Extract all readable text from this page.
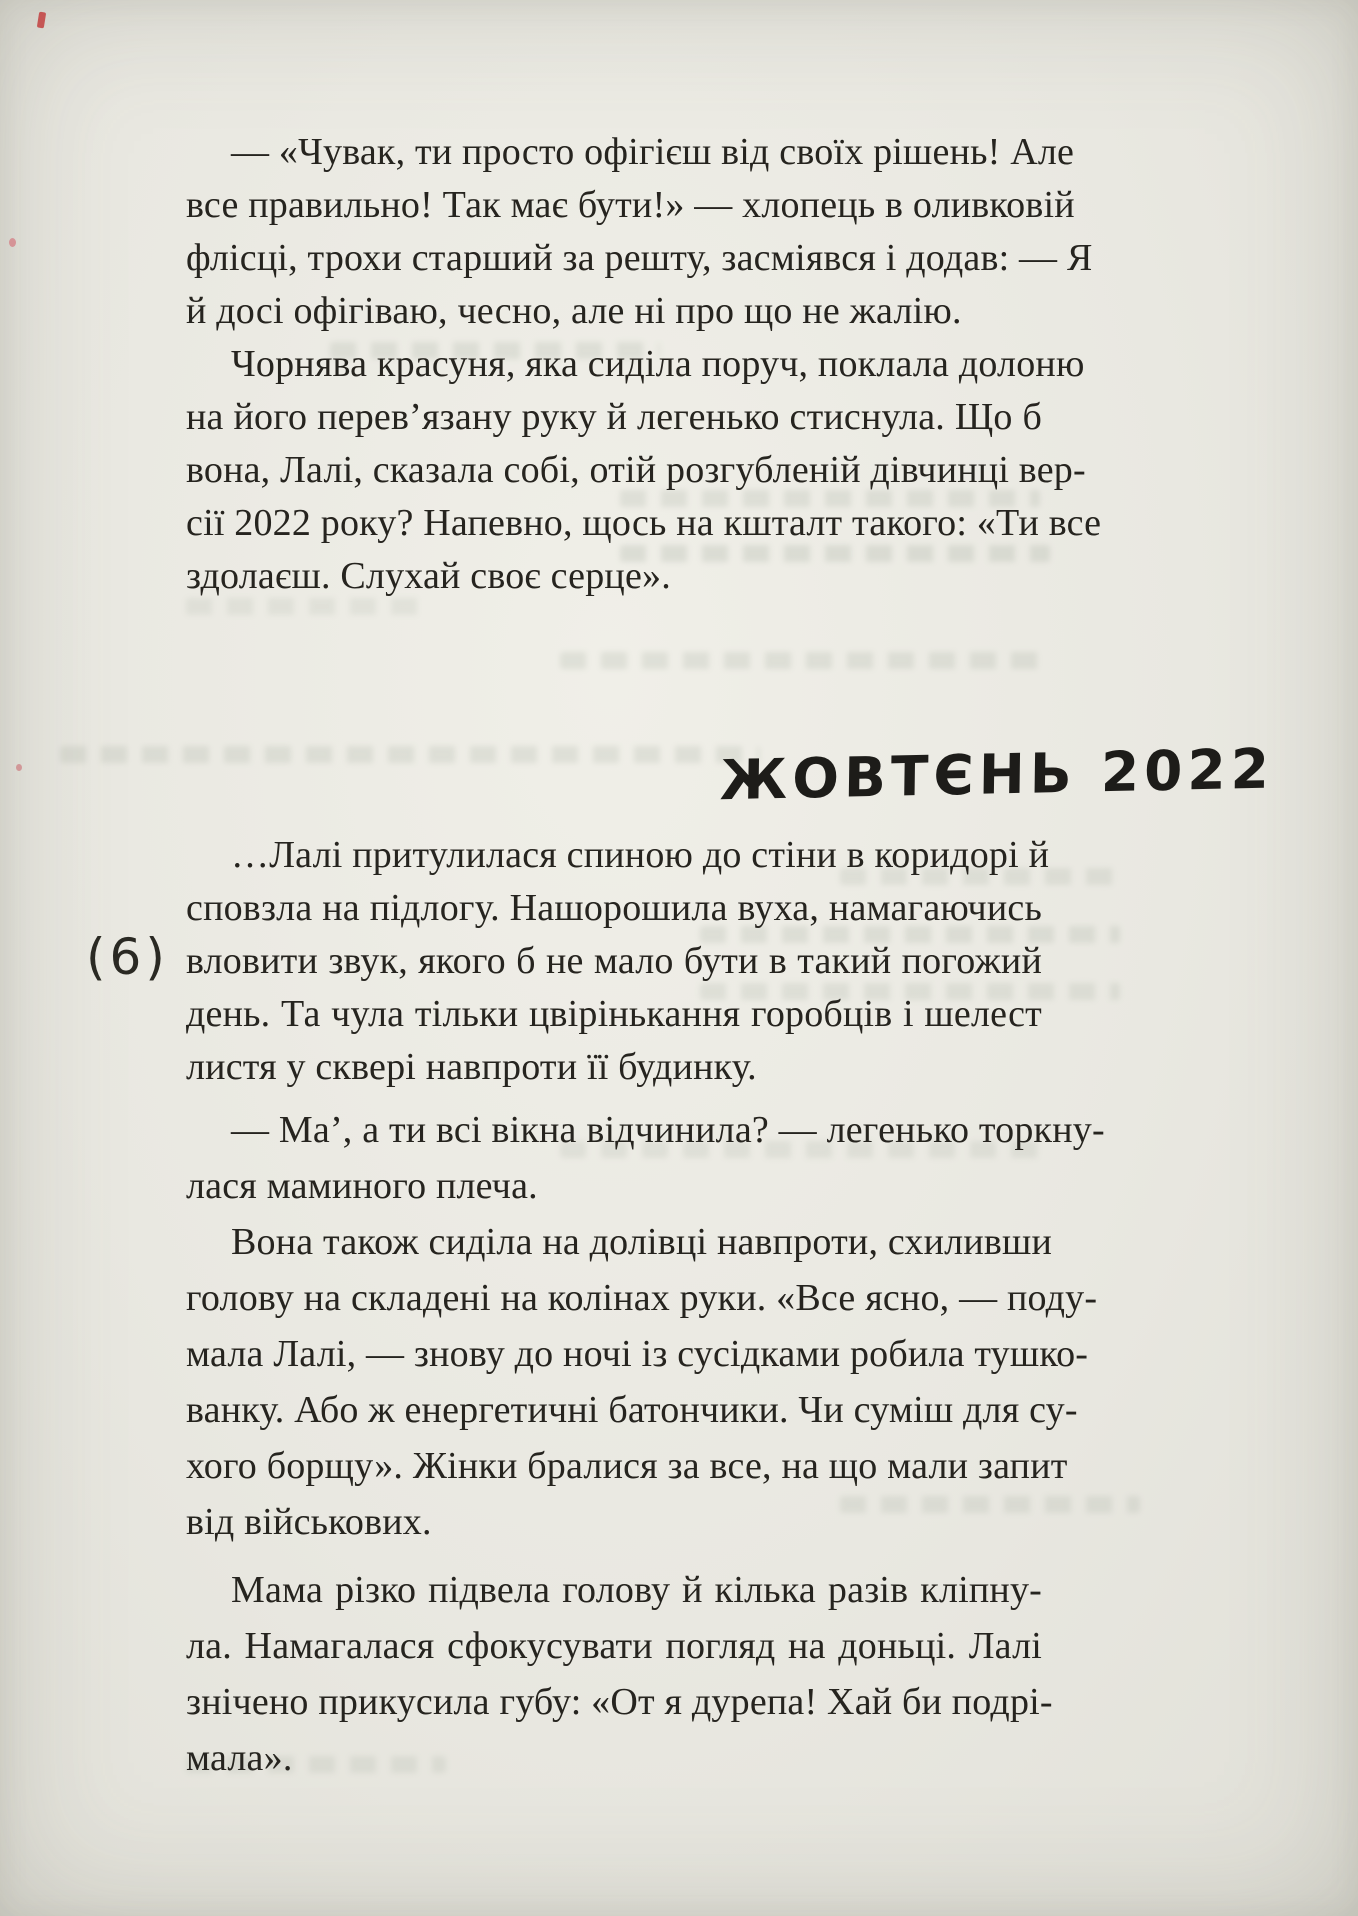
(6)
— «Чувак, ти просто офігієш від своїх рішень! Але
все правильно! Так має бути!» — хлопець в оливковій
флісці, трохи старший за решту, засміявся і додав: — Я
й досі офігіваю, чесно, але ні про що не жалію.
Чорнява красуня, яка сиділа поруч, поклала долоню
на його перев’язану руку й легенько стиснула. Що б
вона, Лалі, сказала собі, отій розгубленій дівчинці вер-
сії 2022 року? Напевно, щось на кшталт такого: «Ти все
здолаєш. Слухай своє серце».
ЖОВТЄНЬ 2022
…Лалі притулилася спиною до стіни в коридорі й
сповзла на підлогу. Нашорошила вуха, намагаючись
вловити звук, якого б не мало бути в такий погожий
день. Та чула тільки цвірінькання горобців і шелест
листя у сквері навпроти її будинку.
— Ма’, а ти всі вікна відчинила? — легенько торкну-
лася маминого плеча.
Вона також сиділа на долівці навпроти, схиливши
голову на складені на колінах руки. «Все ясно, — поду-
мала Лалі, — знову до ночі із сусідками робила тушко-
ванку. Або ж енергетичні батончики. Чи суміш для су-
хого борщу». Жінки бралися за все, на що мали запит
від військових.
Мама різко підвела голову й кілька разів кліпну-
ла. Намагалася сфокусувати погляд на доньці. Лалі
знічено прикусила губу: «От я дурепа! Хай би подрі-
мала».
